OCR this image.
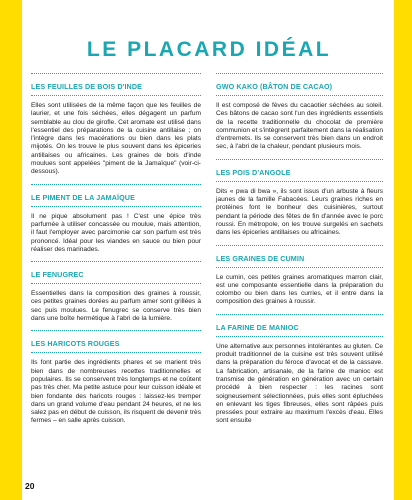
LE PLACARD IDÉAL
LES FEUILLES DE BOIS D'INDE

Elles sont utilisées de la même façon que les feuilles de laurier, et une fois séchées, elles dégagent un parfum semblable au clou de girofle. Cet aromate est utilisé dans l'essentiel des préparations de la cuisine antillaise ; on l'intègre dans les macérations ou bien dans les plats mijotés. On les trouve le plus souvent dans les épiceries antillaises ou africaines. Les graines de bois d'inde moulues sont appelées "piment de la Jamaïque" (voir-ci-dessous).

LE PIMENT DE LA JAMAÏQUE

Il ne pique absolument pas ! C'est une épice très parfumée à utiliser concassée ou moulue, mais attention, il faut l'employer avec parcimonie car son parfum est très prononcé. Idéal pour les viandes en sauce ou bien pour réaliser des marinades.

LE FENUGREC

Essentielles dans la composition des graines à roussir, ces petites graines dorées au parfum amer sont grillées à sec puis moulues. Le fenugrec se conserve très bien dans une boîte hermétique à l'abri de la lumière.

LES HARICOTS ROUGES

Ils font partie des ingrédients phares et se marient très bien dans de nombreuses recettes traditionnelles et populaires. Ils se conservent très longtemps et ne coûtent pas très cher. Ma petite astuce pour leur cuisson idéale et bien fondante des haricots rouges : laissez-les tremper dans un grand volume d'eau pendant 24 heures, et ne les salez pas en début de cuisson, ils risquent de devenir très fermes – en salle après cuisson.

GWO KAKO (BÂTON DE CACAO)

Il est composé de fèves du cacaotier séchées au soleil. Ces bâtons de cacao sont l'un des ingrédients essentiels de la recette traditionnelle du chocolat de première communion et s'intègrent parfaitement dans la réalisation d'entremets. Ils se conservent très bien dans un endroit sec, à l'abri de la chaleur, pendant plusieurs mois.

LES POIS D'ANGOLE

Dits « pwa di bwa », ils sont issus d'un arbuste à fleurs jaunes de la famille Fabacées. Leurs graines riches en protéines font le bonheur des cuisinières, surtout pendant la période des fêtes de fin d'année avec le porc roussi. En métropole, on les trouve surgelés en sachets dans les épiceries antillaises ou africaines.

LES GRAINES DE CUMIN

Le cumin, ces petites graines aromatiques marron clair, est une composante essentielle dans la préparation du colombo ou bien dans les curries, et il entre dans la composition des graines à roussir.

LA FARINE DE MANIOC

Une alternative aux personnes intolérantes au gluten. Ce produit traditionnel de la cuisine est très souvent utilisé dans la préparation du féroce d'avocat et de la cassave. La fabrication, artisanale, de la farine de manioc est transmise de génération en génération avec un certain procédé à bien respecter : les racines sont soigneusement sélectionnées, puis elles sont épluchées en enlevant les tiges fibreuses, elles sont râpées puis pressées pour extraire au maximum l'excès d'eau. Elles sont ensuite

20
